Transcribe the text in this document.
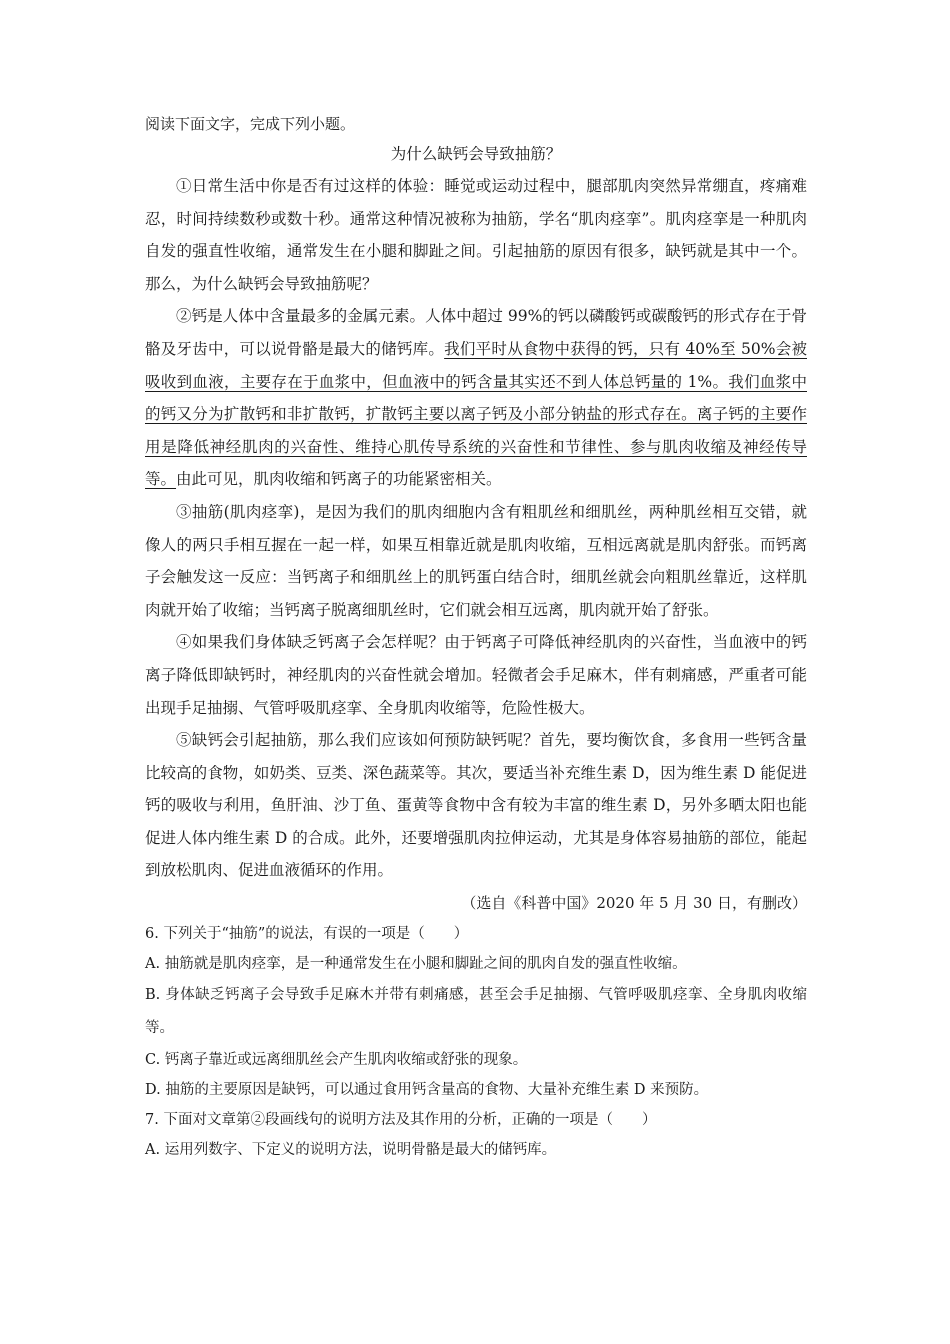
阅读下面文字，完成下列小题。

为什么缺钙会导致抽筋？

①日常生活中你是否有过这样的体验：睡觉或运动过程中，腿部肌肉突然异常绷直，疼痛难忍，时间持续数秒或数十秒。通常这种情况被称为抽筋，学名“肌肉痉挛”。肌肉痉挛是一种肌肉自发的强直性收缩，通常发生在小腿和脚趾之间。引起抽筋的原因有很多，缺钙就是其中一个。那么，为什么缺钙会导致抽筋呢？

②钙是人体中含量最多的金属元素。人体中超过 99%的钙以磷酸钙或碳酸钙的形式存在于骨骼及牙齿中，可以说骨骼是最大的储钙库。我们平时从食物中获得的钙，只有 40%至 50%会被吸收到血液，主要存在于血浆中，但血液中的钙含量其实还不到人体总钙量的 1%。我们血浆中的钙又分为扩散钙和非扩散钙，扩散钙主要以离子钙及小部分钠盐的形式存在。离子钙的主要作用是降低神经肌肉的兴奋性、维持心肌传导系统的兴奋性和节律性、参与肌肉收缩及神经传导等。由此可见，肌肉收缩和钙离子的功能紧密相关。

③抽筋(肌肉痉挛)，是因为我们的肌肉细胞内含有粗肌丝和细肌丝，两种肌丝相互交错，就像人的两只手相互握在一起一样，如果互相靠近就是肌肉收缩，互相远离就是肌肉舒张。而钙离子会触发这一反应：当钙离子和细肌丝上的肌钙蛋白结合时，细肌丝就会向粗肌丝靠近，这样肌肉就开始了收缩；当钙离子脱离细肌丝时，它们就会相互远离，肌肉就开始了舒张。

④如果我们身体缺乏钙离子会怎样呢？由于钙离子可降低神经肌肉的兴奋性，当血液中的钙离子降低即缺钙时，神经肌肉的兴奋性就会增加。轻微者会手足麻木，伴有刺痛感，严重者可能出现手足抽搦、气管呼吸肌痉挛、全身肌肉收缩等，危险性极大。

⑤缺钙会引起抽筋，那么我们应该如何预防缺钙呢？首先，要均衡饮食，多食用一些钙含量比较高的食物，如奶类、豆类、深色蔬菜等。其次，要适当补充维生素 D，因为维生素 D 能促进钙的吸收与利用，鱼肝油、沙丁鱼、蛋黄等食物中含有较为丰富的维生素 D，另外多晒太阳也能促进人体内维生素 D 的合成。此外，还要增强肌肉拉伸运动，尤其是身体容易抽筋的部位，能起到放松肌肉、促进血液循环的作用。

（选自《科普中国》2020 年 5 月 30 日，有删改）

6. 下列关于“抽筋”的说法，有误的一项是（　　）

A. 抽筋就是肌肉痉挛，是一种通常发生在小腿和脚趾之间的肌肉自发的强直性收缩。

B. 身体缺乏钙离子会导致手足麻木并带有刺痛感，甚至会手足抽搦、气管呼吸肌痉挛、全身肌肉收缩等。

C. 钙离子靠近或远离细肌丝会产生肌肉收缩或舒张的现象。

D. 抽筋的主要原因是缺钙，可以通过食用钙含量高的食物、大量补充维生素 D 来预防。

7. 下面对文章第②段画线句的说明方法及其作用的分析，正确的一项是（　　）

A. 运用列数字、下定义的说明方法，说明骨骼是最大的储钙库。
